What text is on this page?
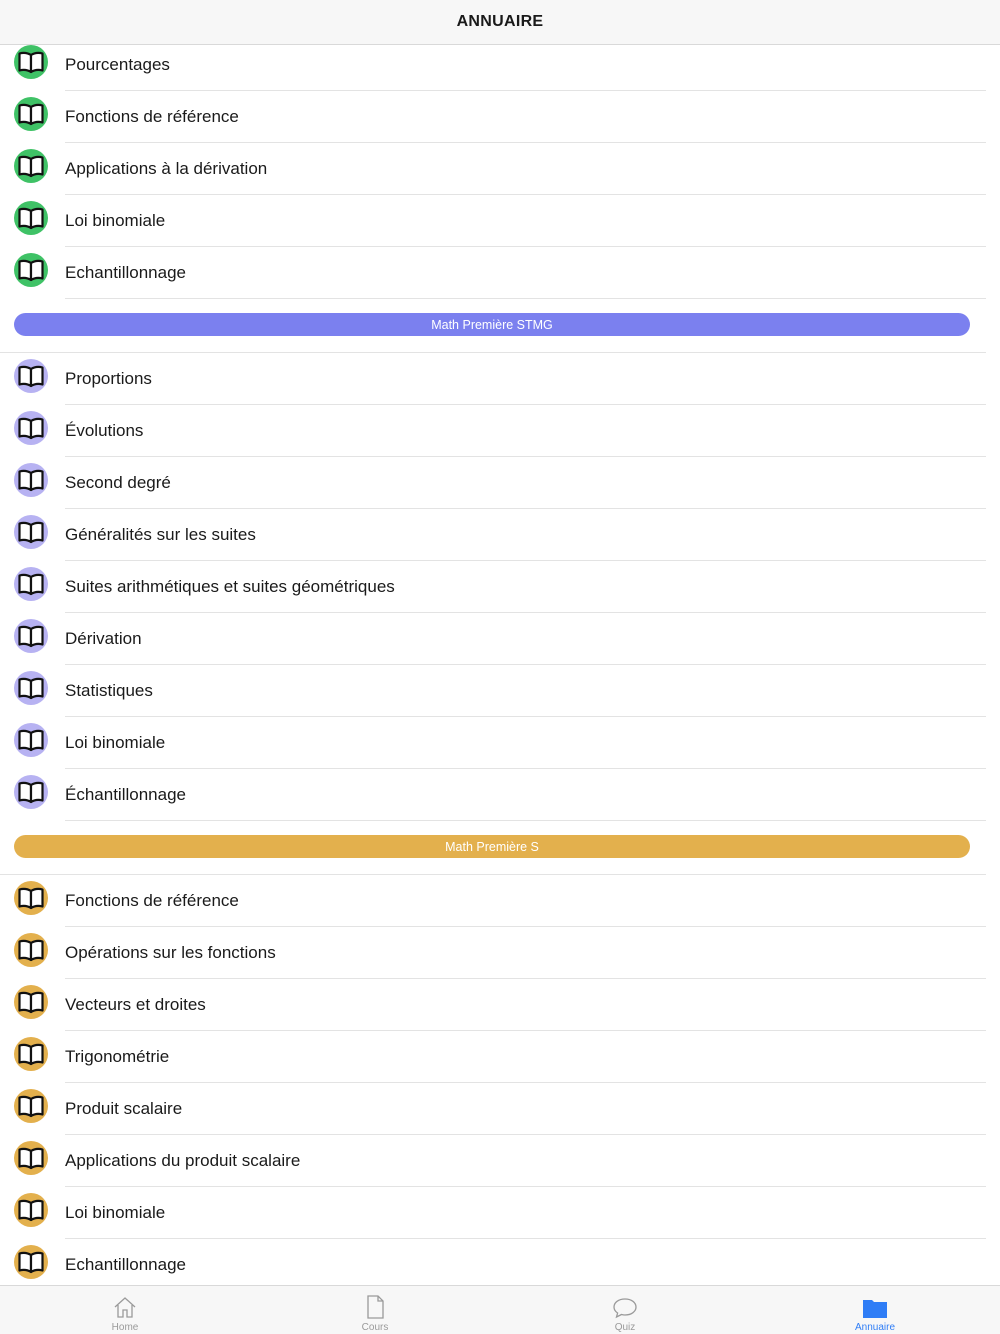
ANNUAIRE
Pourcentages
Fonctions de référence
Applications à la dérivation
Loi binomiale
Echantillonnage
Math Première STMG
Proportions
Évolutions
Second degré
Généralités sur les suites
Suites arithmétiques et suites géométriques
Dérivation
Statistiques
Loi binomiale
Échantillonnage
Math Première S
Fonctions de référence
Opérations sur les fonctions
Vecteurs et droites
Trigonométrie
Produit scalaire
Applications du produit scalaire
Loi binomiale
Echantillonnage
Home	Cours	Quiz	Annuaire
